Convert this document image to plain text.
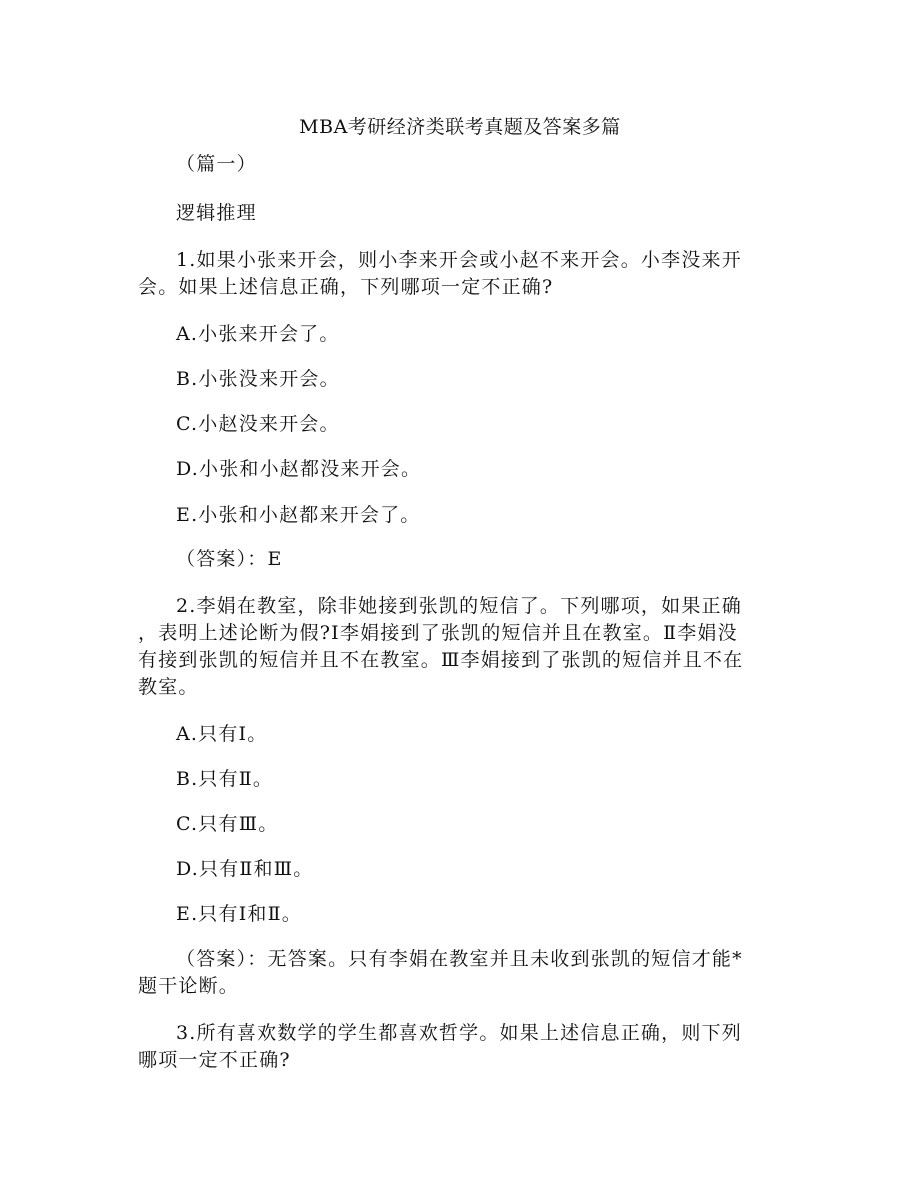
MBA考研经济类联考真题及答案多篇
（篇一）
逻辑推理
1.如果小张来开会，则小李来开会或小赵不来开会。小李没来开
会。如果上述信息正确，下列哪项一定不正确?
A.小张来开会了。
B.小张没来开会。
C.小赵没来开会。
D.小张和小赵都没来开会。
E.小张和小赵都来开会了。
（答案）：E
2.李娟在教室，除非她接到张凯的短信了。下列哪项，如果正确
，表明上述论断为假?Ⅰ李娟接到了张凯的短信并且在教室。Ⅱ李娟没
有接到张凯的短信并且不在教室。Ⅲ李娟接到了张凯的短信并且不在
教室。
A.只有Ⅰ。
B.只有Ⅱ。
C.只有Ⅲ。
D.只有Ⅱ和Ⅲ。
E.只有Ⅰ和Ⅱ。
（答案）：无答案。只有李娟在教室并且未收到张凯的短信才能*
题干论断。
3.所有喜欢数学的学生都喜欢哲学。如果上述信息正确，则下列
哪项一定不正确?
